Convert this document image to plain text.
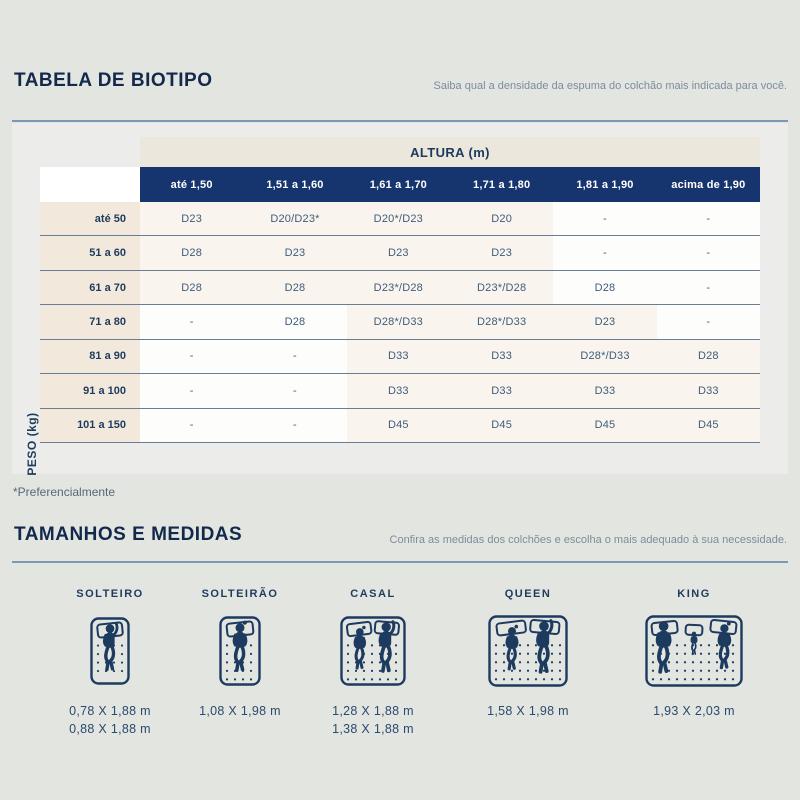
TABELA DE BIOTIPO	Saiba qual a densidade da espuma do colchão mais indicada para você.

ALTURA (m)
até 1,50	1,51 a 1,60	1,61 a 1,70	1,71 a 1,80	1,81 a 1,90	acima de 1,90
até 50	D23	D20/D23*	D20*/D23	D20	-	-
51 a 60	D28	D23	D23	D23	-	-
61 a 70	D28	D28	D23*/D28	D23*/D28	D28	-
71 a 80	-	D28	D28*/D33	D28*/D33	D23	-
81 a 90	-	-	D33	D33	D28*/D33	D28
91 a 100	-	-	D33	D33	D33	D33
101 a 150	-	-	D45	D45	D45	D45
PESO (kg)

*Preferencialmente

TAMANHOS E MEDIDAS	Confira as medidas dos colchões e escolha o mais adequado à sua necessidade.

SOLTEIRO
0,78 X 1,88 m
0,88 X 1,88 m
SOLTEIRÃO
1,08 X 1,98 m
CASAL
1,28 X 1,88 m
1,38 X 1,88 m
QUEEN
1,58 X 1,98 m
KING
1,93 X 2,03 m
